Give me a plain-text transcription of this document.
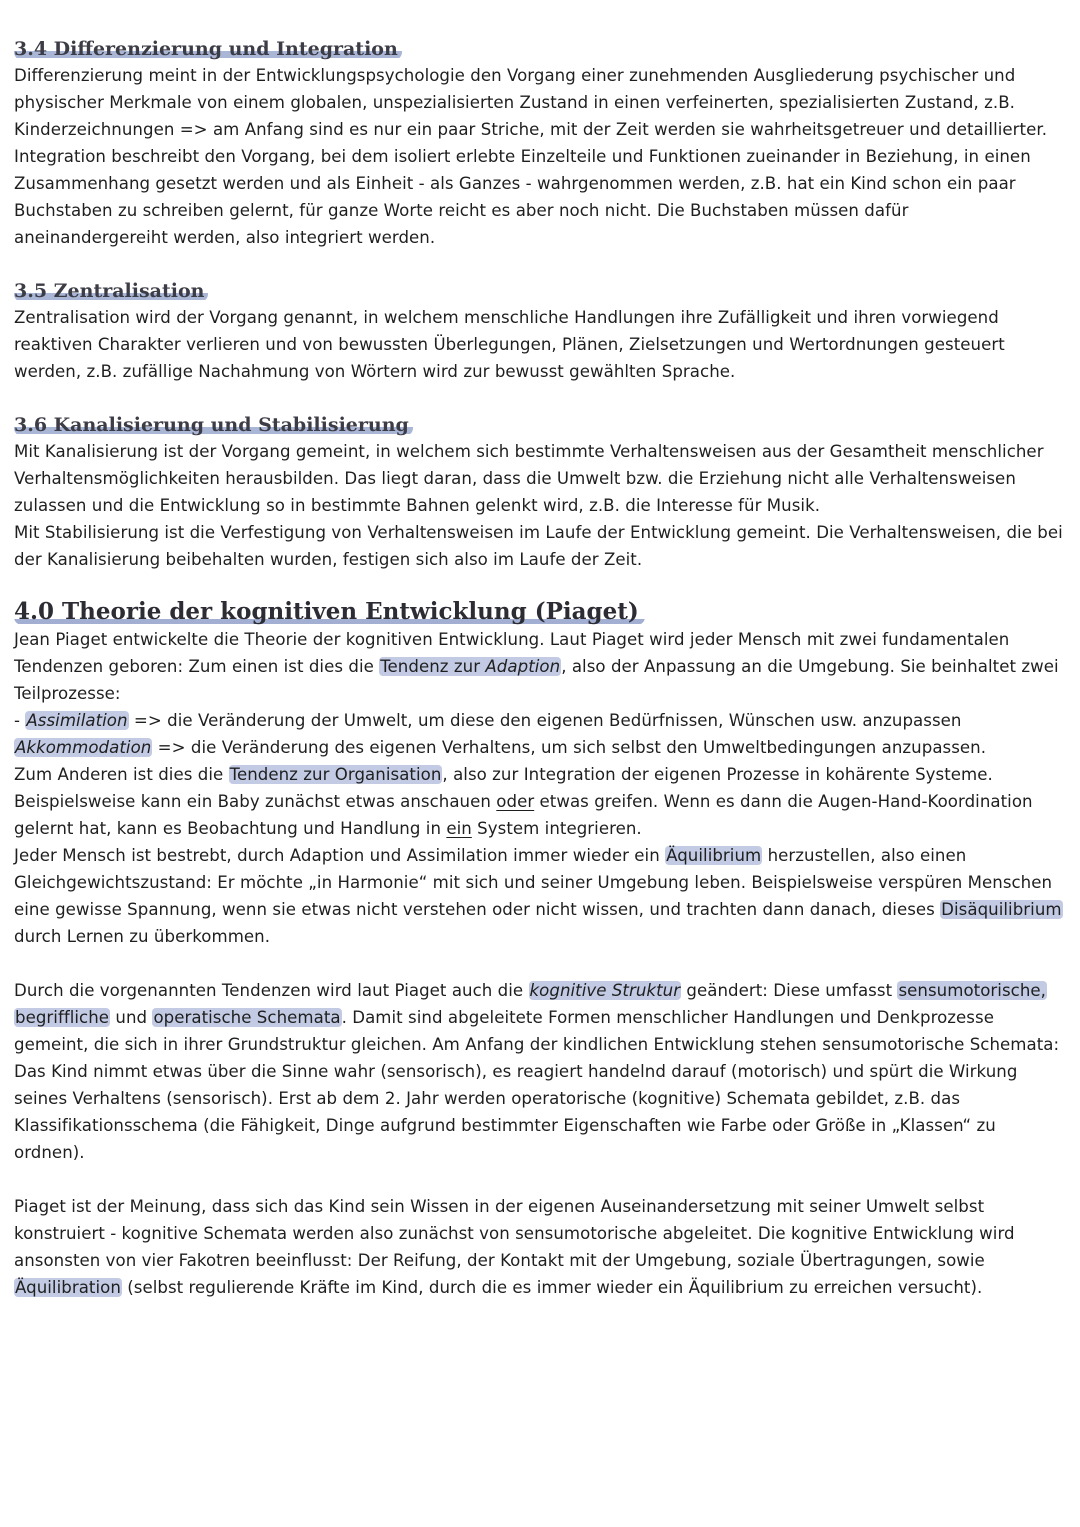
3.4 Differenzierung und Integration

Differenzierung meint in der Entwicklungspsychologie den Vorgang einer zunehmenden Ausgliederung psychischer und physischer Merkmale von einem globalen, unspezialisierten Zustand in einen verfeinerten, spezialisierten Zustand, z.B. Kinderzeichnungen => am Anfang sind es nur ein paar Striche, mit der Zeit werden sie wahrheitsgetreuer und detaillierter.

Integration beschreibt den Vorgang, bei dem isoliert erlebte Einzelteile und Funktionen zueinander in Beziehung, in einen Zusammenhang gesetzt werden und als Einheit - als Ganzes - wahrgenommen werden, z.B. hat ein Kind schon ein paar Buchstaben zu schreiben gelernt, für ganze Worte reicht es aber noch nicht. Die Buchstaben müssen dafür aneinandergereiht werden, also integriert werden.

3.5 Zentralisation

Zentralisation wird der Vorgang genannt, in welchem menschliche Handlungen ihre Zufälligkeit und ihren vorwiegend reaktiven Charakter verlieren und von bewussten Überlegungen, Plänen, Zielsetzungen und Wertordnungen gesteuert werden, z.B. zufällige Nachahmung von Wörtern wird zur bewusst gewählten Sprache.

3.6 Kanalisierung und Stabilisierung

Mit Kanalisierung ist der Vorgang gemeint, in welchem sich bestimmte Verhaltensweisen aus der Gesamtheit menschlicher Verhaltensmöglichkeiten herausbilden. Das liegt daran, dass die Umwelt bzw. die Erziehung nicht alle Verhaltensweisen zulassen und die Entwicklung so in bestimmte Bahnen gelenkt wird, z.B. die Interesse für Musik.

Mit Stabilisierung ist die Verfestigung von Verhaltensweisen im Laufe der Entwicklung gemeint. Die Verhaltensweisen, die bei der Kanalisierung beibehalten wurden, festigen sich also im Laufe der Zeit.

4.0 Theorie der kognitiven Entwicklung (Piaget)

Jean Piaget entwickelte die Theorie der kognitiven Entwicklung. Laut Piaget wird jeder Mensch mit zwei fundamentalen Tendenzen geboren: Zum einen ist dies die Tendenz zur Adaption, also der Anpassung an die Umgebung. Sie beinhaltet zwei Teilprozesse:

- Assimilation => die Veränderung der Umwelt, um diese den eigenen Bedürfnissen, Wünschen usw. anzupassen

Akkommodation => die Veränderung des eigenen Verhaltens, um sich selbst den Umweltbedingungen anzupassen.

Zum Anderen ist dies die Tendenz zur Organisation, also zur Integration der eigenen Prozesse in kohärente Systeme. Beispielsweise kann ein Baby zunächst etwas anschauen oder etwas greifen. Wenn es dann die Augen-Hand-Koordination gelernt hat, kann es Beobachtung und Handlung in ein System integrieren.

Jeder Mensch ist bestrebt, durch Adaption und Assimilation immer wieder ein Äquilibrium herzustellen, also einen Gleichgewichtszustand: Er möchte „in Harmonie“ mit sich und seiner Umgebung leben. Beispielsweise verspüren Menschen eine gewisse Spannung, wenn sie etwas nicht verstehen oder nicht wissen, und trachten dann danach, dieses Disäquilibrium durch Lernen zu überkommen.

Durch die vorgenannten Tendenzen wird laut Piaget auch die kognitive Struktur geändert: Diese umfasst sensumotorische, begriffliche und operatische Schemata. Damit sind abgeleitete Formen menschlicher Handlungen und Denkprozesse gemeint, die sich in ihrer Grundstruktur gleichen. Am Anfang der kindlichen Entwicklung stehen sensumotorische Schemata: Das Kind nimmt etwas über die Sinne wahr (sensorisch), es reagiert handelnd darauf (motorisch) und spürt die Wirkung seines Verhaltens (sensorisch). Erst ab dem 2. Jahr werden operatorische (kognitive) Schemata gebildet, z.B. das Klassifikationsschema (die Fähigkeit, Dinge aufgrund bestimmter Eigenschaften wie Farbe oder Größe in „Klassen“ zu ordnen).

Piaget ist der Meinung, dass sich das Kind sein Wissen in der eigenen Auseinandersetzung mit seiner Umwelt selbst konstruiert - kognitive Schemata werden also zunächst von sensumotorische abgeleitet. Die kognitive Entwicklung wird ansonsten von vier Fakotren beeinflusst: Der Reifung, der Kontakt mit der Umgebung, soziale Übertragungen, sowie Äquilibration (selbst regulierende Kräfte im Kind, durch die es immer wieder ein Äquilibrium zu erreichen versucht).
